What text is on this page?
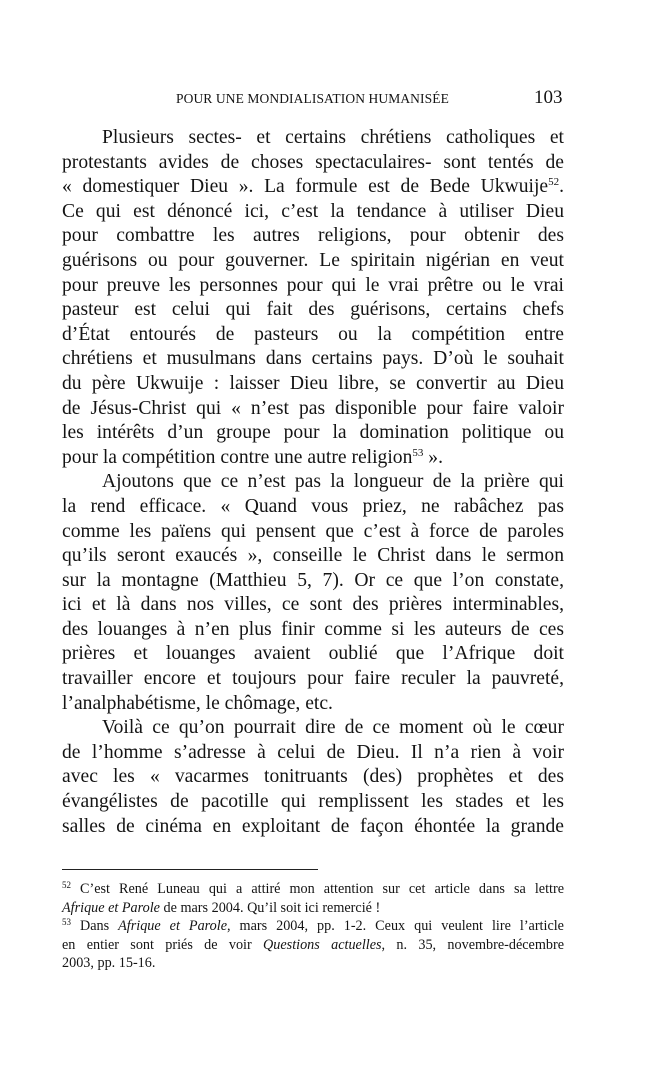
POUR UNE MONDIALISATION HUMANISÉE	103
Plusieurs sectes- et certains chrétiens catholiques et
protestants avides de choses spectaculaires- sont tentés de
« domestiquer Dieu ». La formule est de Bede Ukwuije$^{52}$.
Ce qui est dénoncé ici, c’est la tendance à utiliser Dieu
pour combattre les autres religions, pour obtenir des
guérisons ou pour gouverner. Le spiritain nigérian en veut
pour preuve les personnes pour qui le vrai prêtre ou le vrai
pasteur est celui qui fait des guérisons, certains chefs
d’État entourés de pasteurs ou la compétition entre
chrétiens et musulmans dans certains pays. D’où le souhait
du père Ukwuije : laisser Dieu libre, se convertir au Dieu
de Jésus-Christ qui « n’est pas disponible pour faire valoir
les intérêts d’un groupe pour la domination politique ou
pour la compétition contre une autre religion$^{53}$ ».
Ajoutons que ce n’est pas la longueur de la prière qui
la rend efficace. « Quand vous priez, ne rabâchez pas
comme les païens qui pensent que c’est à force de paroles
qu’ils seront exaucés », conseille le Christ dans le sermon
sur la montagne (Matthieu 5, 7). Or ce que l’on constate,
ici et là dans nos villes, ce sont des prières interminables,
des louanges à n’en plus finir comme si les auteurs de ces
prières et louanges avaient oublié que l’Afrique doit
travailler encore et toujours pour faire reculer la pauvreté,
l’analphabétisme, le chômage, etc.
Voilà ce qu’on pourrait dire de ce moment où le cœur
de l’homme s’adresse à celui de Dieu. Il n’a rien à voir
avec les « vacarmes tonitruants (des) prophètes et des
évangélistes de pacotille qui remplissent les stades et les
salles de cinéma en exploitant de façon éhontée la grande
$^{52}$ C’est René Luneau qui a attiré mon attention sur cet article dans sa lettre
Afrique et Parole de mars 2004. Qu’il soit ici remercié !
$^{53}$ Dans Afrique et Parole, mars 2004, pp. 1-2. Ceux qui veulent lire l’article
en entier sont priés de voir Questions actuelles, n. 35, novembre-décembre
2003, pp. 15-16.
